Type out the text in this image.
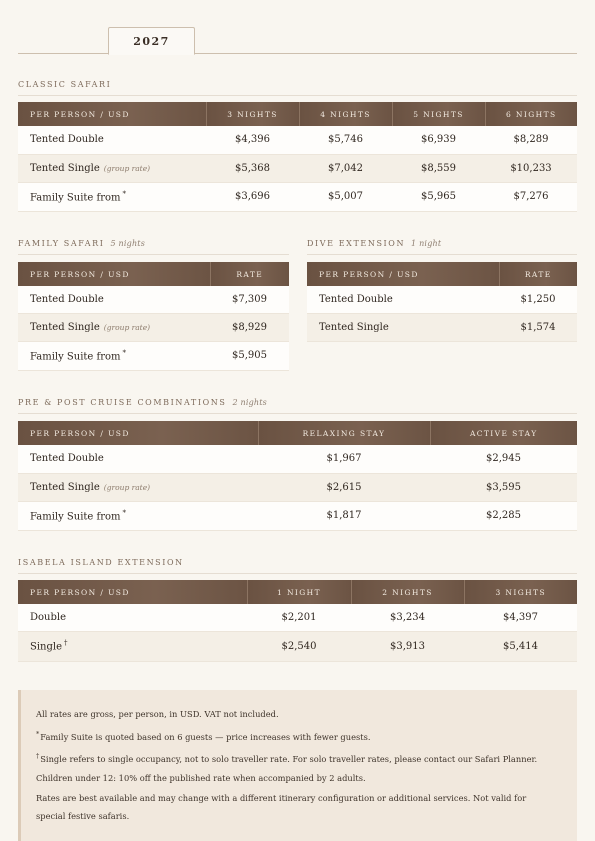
2027
CLASSIC SAFARI
PER PERSON / USD	3 NIGHTS	4 NIGHTS	5 NIGHTS	6 NIGHTS
Tented Double	$4,396	$5,746	$6,939	$8,289
Tented Single (group rate)	$5,368	$7,042	$8,559	$10,233
Family Suite from *	$3,696	$5,007	$5,965	$7,276
FAMILY SAFARI 5 nights
PER PERSON / USD	RATE
Tented Double	$7,309
Tented Single (group rate)	$8,929
Family Suite from *	$5,905
DIVE EXTENSION 1 night
PER PERSON / USD	RATE
Tented Double	$1,250
Tented Single	$1,574
PRE & POST CRUISE COMBINATIONS 2 nights
PER PERSON / USD	RELAXING STAY	ACTIVE STAY
Tented Double	$1,967	$2,945
Tented Single (group rate)	$2,615	$3,595
Family Suite from *	$1,817	$2,285
ISABELA ISLAND EXTENSION
PER PERSON / USD	1 NIGHT	2 NIGHTS	3 NIGHTS
Double	$2,201	$3,234	$4,397
Single †	$2,540	$3,913	$5,414

All rates are gross, per person, in USD. VAT not included.

*Family Suite is quoted based on 6 guests — price increases with fewer guests.

†Single refers to single occupancy, not to solo traveller rate. For solo traveller rates, please contact our Safari Planner.

Children under 12: 10% off the published rate when accompanied by 2 adults.

Rates are best available and may change with a different itinerary configuration or additional services. Not valid for special festive safaris.
